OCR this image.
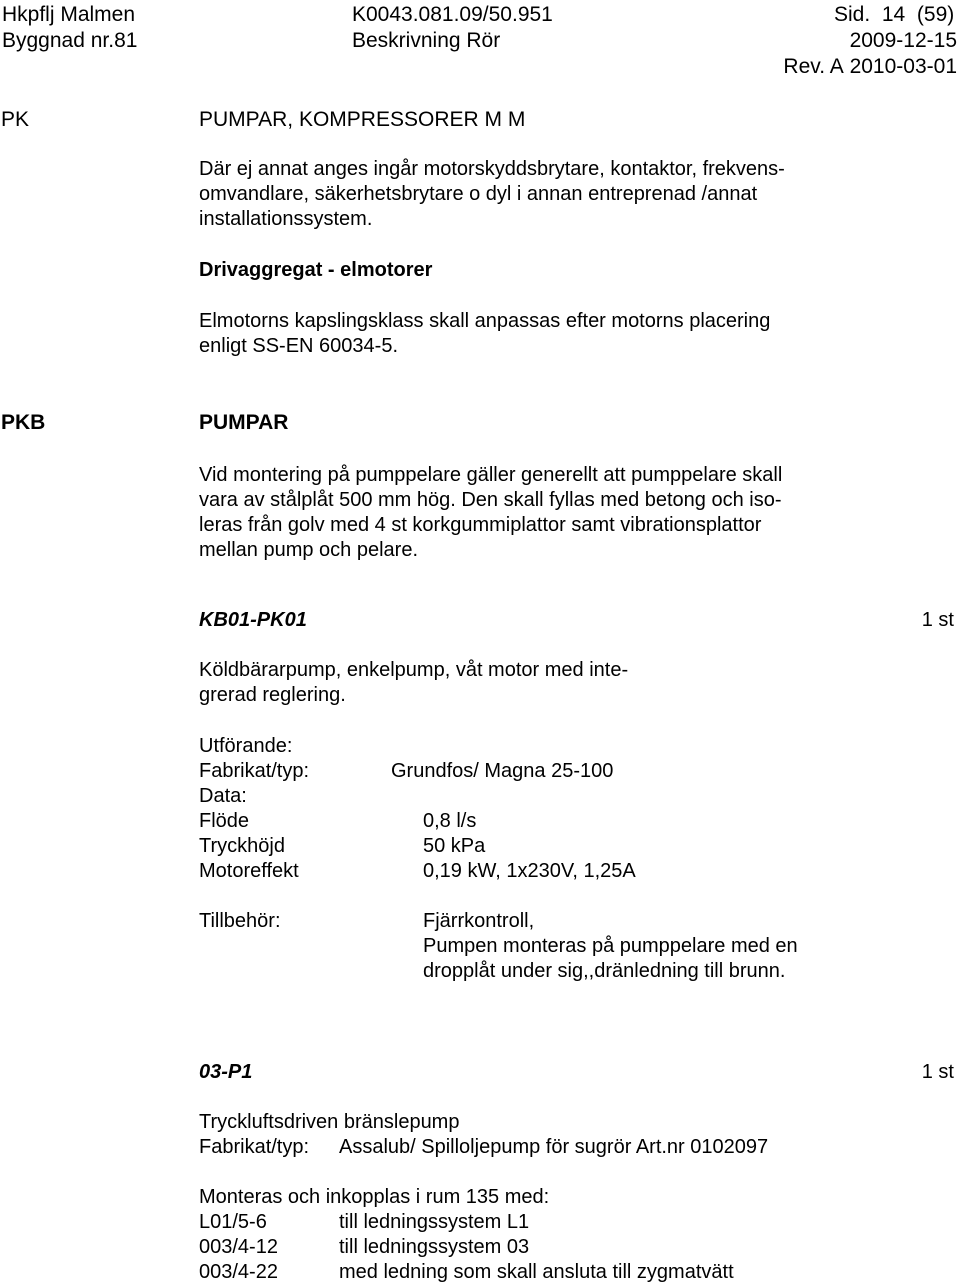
Hkpflj Malmen
Byggnad nr.81
K0043.081.09/50.951
Beskrivning Rör
Sid. 14 (59)
2009-12-15
Rev. A 2010-03-01
PK	PUMPAR, KOMPRESSORER M M
Där ej annat anges ingår motorskyddsbrytare, kontaktor, frekvens-
omvandlare, säkerhetsbrytare o dyl i annan entreprenad /annat
installationssystem.
Drivaggregat - elmotorer
Elmotorns kapslingsklass skall anpassas efter motorns placering
enligt SS-EN 60034-5.
PKB	PUMPAR
Vid montering på pumppelare gäller generellt att pumppelare skall
vara av stålplåt 500 mm hög. Den skall fyllas med betong och iso-
leras från golv med 4 st korkgummiplattor samt vibrationsplattor
mellan pump och pelare.
KB01-PK01	1 st
Köldbärarpump, enkelpump, våt motor med inte-
grerad reglering.
Utförande:
Fabrikat/typ:	Grundfos/ Magna 25-100
Data:
Flöde	0,8 l/s
Tryckhöjd	50 kPa
Motoreffekt	0,19 kW, 1x230V, 1,25A
Tillbehör:	Fjärrkontroll,
Pumpen monteras på pumppelare med en
dropplåt under sig,,dränledning till brunn.
03-P1	1 st
Tryckluftsdriven bränslepump
Fabrikat/typ: Assalub/ Spilloljepump för sugrör Art.nr 0102097
Monteras och inkopplas i rum 135 med:
L01/5-6	till ledningssystem L1
003/4-12	till ledningssystem 03
003/4-22	med ledning som skall ansluta till zygmatvätt
